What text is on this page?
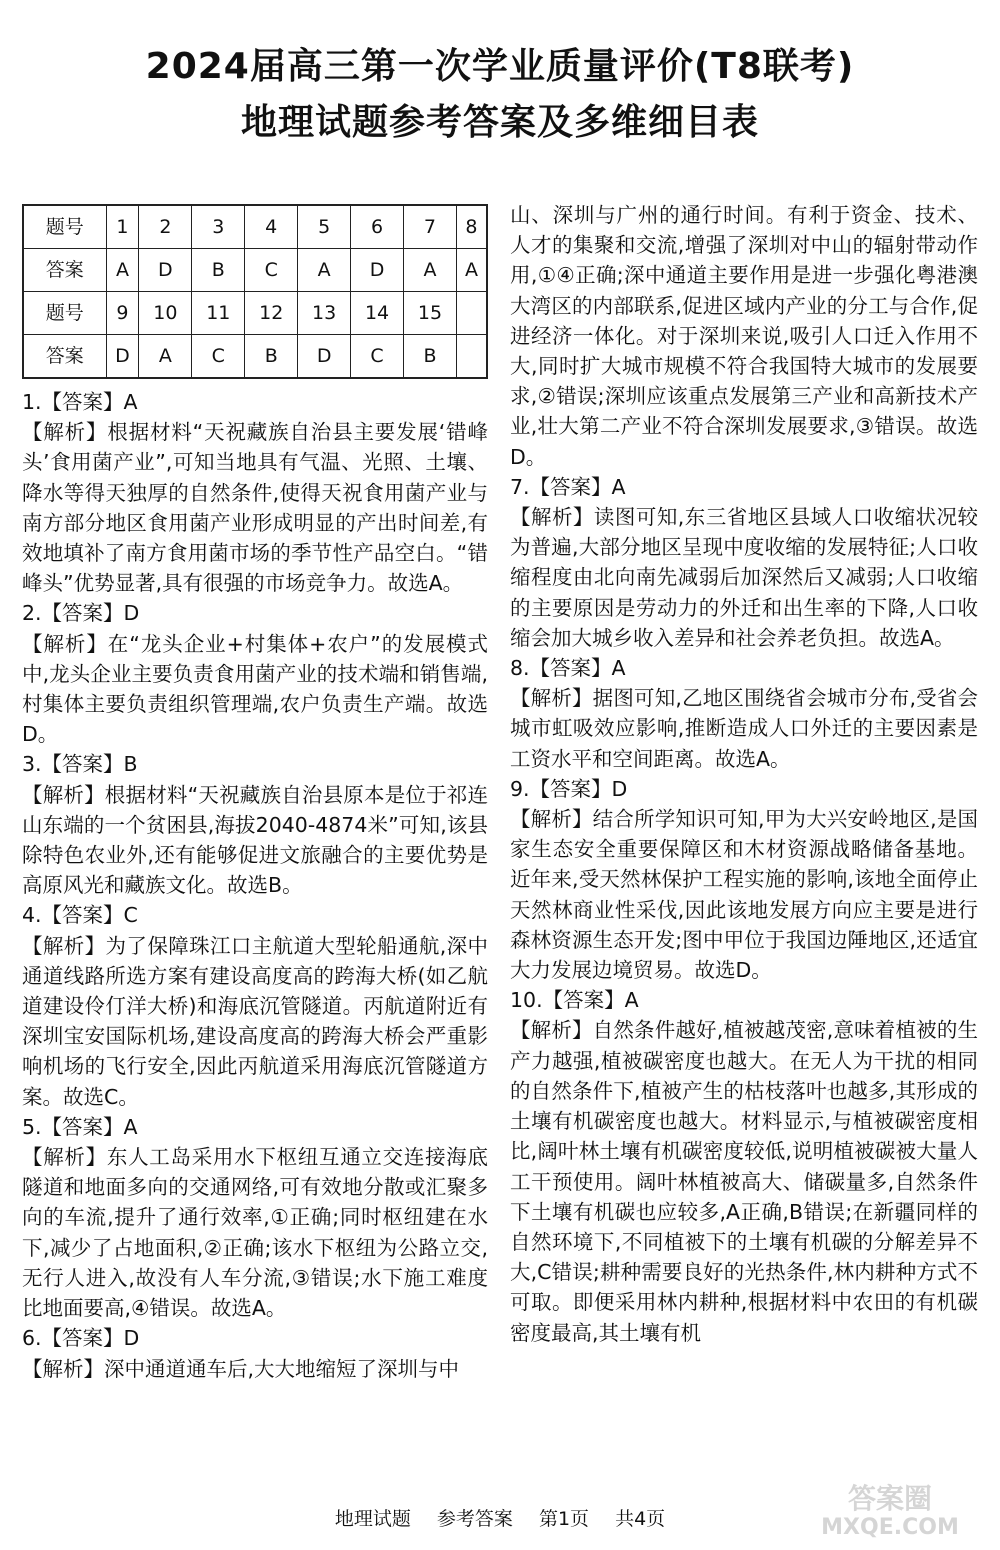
2024届高三第一次学业质量评价(T8联考)
地理试题参考答案及多维细目表
题号	1	2	3	4	5	6	7	8
答案	A	D	B	C	A	D	A	A
题号	9	10	11	12	13	14	15	
答案	D	A	C	B	D	C	B	

1.【答案】A

【解析】根据材料“天祝藏族自治县主要发展‘错峰头’食用菌产业”,可知当地具有气温、光照、土壤、降水等得天独厚的自然条件,使得天祝食用菌产业与南方部分地区食用菌产业形成明显的产出时间差,有效地填补了南方食用菌市场的季节性产品空白。“错峰头”优势显著,具有很强的市场竞争力。故选A。

2.【答案】D

【解析】在“龙头企业+村集体+农户”的发展模式中,龙头企业主要负责食用菌产业的技术端和销售端,村集体主要负责组织管理端,农户负责生产端。故选D。

3.【答案】B

【解析】根据材料“天祝藏族自治县原本是位于祁连山东端的一个贫困县,海拔2040-4874米”可知,该县除特色农业外,还有能够促进文旅融合的主要优势是高原风光和藏族文化。故选B。

4.【答案】C

【解析】为了保障珠江口主航道大型轮船通航,深中通道线路所选方案有建设高度高的跨海大桥(如乙航道建设伶仃洋大桥)和海底沉管隧道。丙航道附近有深圳宝安国际机场,建设高度高的跨海大桥会严重影响机场的飞行安全,因此丙航道采用海底沉管隧道方案。故选C。

5.【答案】A

【解析】东人工岛采用水下枢纽互通立交连接海底隧道和地面多向的交通网络,可有效地分散或汇聚多向的车流,提升了通行效率,①正确;同时枢纽建在水下,减少了占地面积,②正确;该水下枢纽为公路立交,无行人进入,故没有人车分流,③错误;水下施工难度比地面要高,④错误。故选A。

6.【答案】D

【解析】深中通道通车后,大大地缩短了深圳与中

山、深圳与广州的通行时间。有利于资金、技术、人才的集聚和交流,增强了深圳对中山的辐射带动作用,①④正确;深中通道主要作用是进一步强化粤港澳大湾区的内部联系,促进区域内产业的分工与合作,促进经济一体化。对于深圳来说,吸引人口迁入作用不大,同时扩大城市规模不符合我国特大城市的发展要求,②错误;深圳应该重点发展第三产业和高新技术产业,壮大第二产业不符合深圳发展要求,③错误。故选D。

7.【答案】A

【解析】读图可知,东三省地区县域人口收缩状况较为普遍,大部分地区呈现中度收缩的发展特征;人口收缩程度由北向南先减弱后加深然后又减弱;人口收缩的主要原因是劳动力的外迁和出生率的下降,人口收缩会加大城乡收入差异和社会养老负担。故选A。

8.【答案】A

【解析】据图可知,乙地区围绕省会城市分布,受省会城市虹吸效应影响,推断造成人口外迁的主要因素是工资水平和空间距离。故选A。

9.【答案】D

【解析】结合所学知识可知,甲为大兴安岭地区,是国家生态安全重要保障区和木材资源战略储备基地。近年来,受天然林保护工程实施的影响,该地全面停止天然林商业性采伐,因此该地发展方向应主要是进行森林资源生态开发;图中甲位于我国边陲地区,还适宜大力发展边境贸易。故选D。

10.【答案】A

【解析】自然条件越好,植被越茂密,意味着植被的生产力越强,植被碳密度也越大。在无人为干扰的相同的自然条件下,植被产生的枯枝落叶也越多,其形成的土壤有机碳密度也越大。材料显示,与植被碳密度相比,阔叶林土壤有机碳密度较低,说明植被碳被大量人工干预使用。阔叶林植被高大、储碳量多,自然条件下土壤有机碳也应较多,A正确,B错误;在新疆同样的自然环境下,不同植被下的土壤有机碳的分解差异不大,C错误;耕种需要良好的光热条件,林内耕种方式不可取。即便采用林内耕种,根据材料中农田的有机碳密度最高,其土壤有机

地理试题 参考答案 第1页 共4页
答案圈
MXQE.COM
